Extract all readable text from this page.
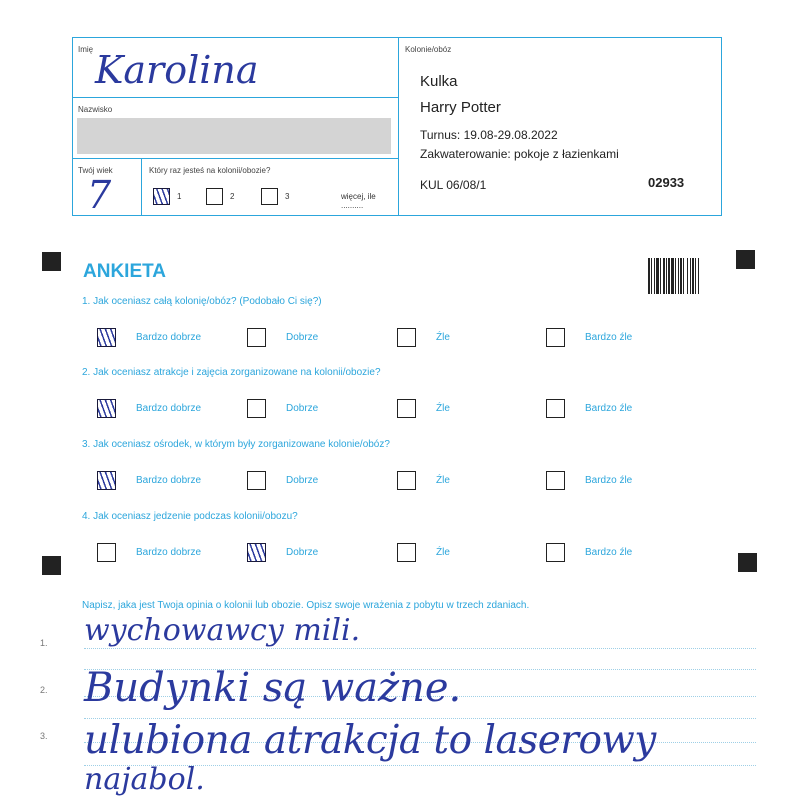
Imię Karolina
Nazwisko
Twój wiek
7
Który raz jesteś na kolonii/obozie?
1	2	3	więcej, ile ..........
Kolonie/obóz
Kulka
Harry Potter
Turnus: 19.08-29.08.2022
Zakwaterowanie: pokoje z łazienkami
KUL 06/08/1	02933
ANKIETA
1. Jak oceniasz całą kolonię/obóz? (Podobało Ci się?)
Bardzo dobrze	Dobrze	Źle	Bardzo źle
2. Jak oceniasz atrakcje i zajęcia zorganizowane na kolonii/obozie?
Bardzo dobrze	Dobrze	Źle	Bardzo źle
3. Jak oceniasz ośrodek, w którym były zorganizowane kolonie/obóz?
Bardzo dobrze	Dobrze	Źle	Bardzo źle
4. Jak oceniasz jedzenie podczas kolonii/obozu?
Bardzo dobrze	Dobrze	Źle	Bardzo źle
Napisz, jaka jest Twoja opinia o kolonii lub obozie. Opisz swoje wrażenia z pobytu w trzech zdaniach.
1.
2.
3.
wychowawcy mili.
Budynki są ważne.
ulubiona atrakcja to laserowy
najabol.
